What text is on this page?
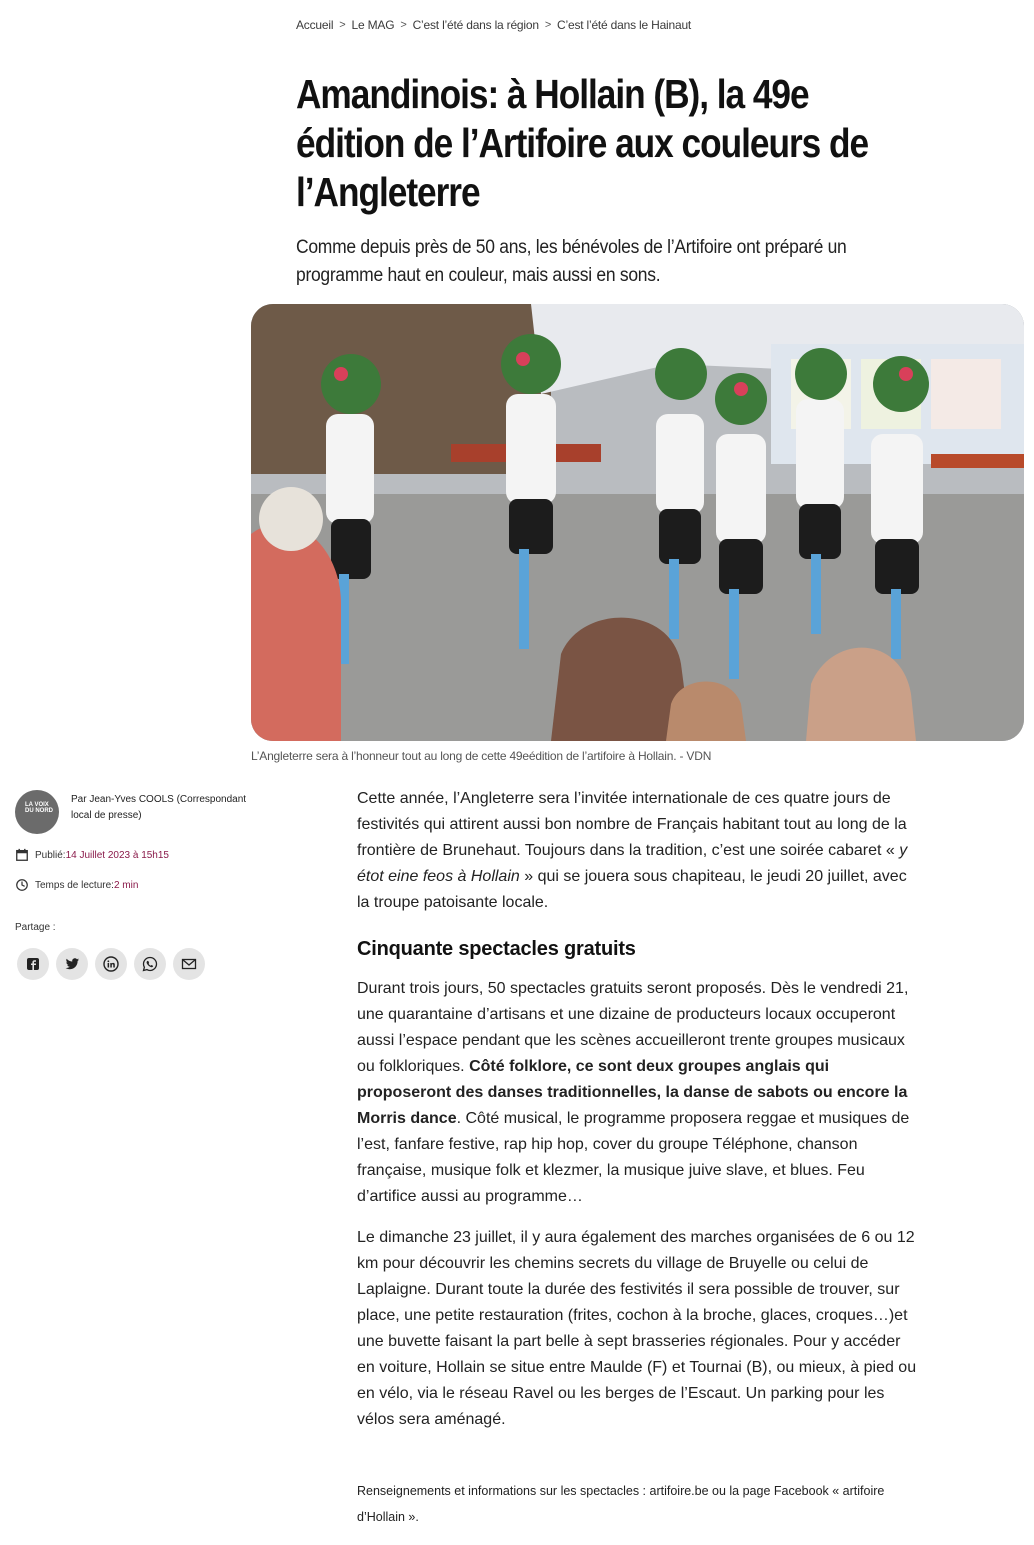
Accueil > Le MAG > C’est l’été dans la région > C’est l’été dans le Hainaut
Amandinois: à Hollain (B), la 49e édition de l’Artifoire aux couleurs de l’Angleterre

Comme depuis près de 50 ans, les bénévoles de l’Artifoire ont préparé un programme haut en couleur, mais aussi en sons.

L’Angleterre sera à l’honneur tout au long de cette 49eédition de l’artifoire à Hollain. - VDN
LA VOIX DU NORD
Par Jean-Yves COOLS (Correspondant local de presse)
Publié:14 Juillet 2023 à 15h15
Temps de lecture:2 min
Partage :

Cette année, l’Angleterre sera l’invitée internationale de ces quatre jours de festivités qui attirent aussi bon nombre de Français habitant tout au long de la frontière de Brunehaut. Toujours dans la tradition, c’est une soirée cabaret « y étot eine feos à Hollain » qui se jouera sous chapiteau, le jeudi 20 juillet, avec la troupe patoisante locale.

Cinquante spectacles gratuits

Durant trois jours, 50 spectacles gratuits seront proposés. Dès le vendredi 21, une quarantaine d’artisans et une dizaine de producteurs locaux occuperont aussi l’espace pendant que les scènes accueilleront trente groupes musicaux ou folkloriques. Côté folklore, ce sont deux groupes anglais qui proposeront des danses traditionnelles, la danse de sabots ou encore la Morris dance. Côté musical, le programme proposera reggae et musiques de l’est, fanfare festive, rap hip hop, cover du groupe Téléphone, chanson française, musique folk et klezmer, la musique juive slave, et blues. Feu d’artifice aussi au programme…

Le dimanche 23 juillet, il y aura également des marches organisées de 6 ou 12 km pour découvrir les chemins secrets du village de Bruyelle ou celui de Laplaigne. Durant toute la durée des festivités il sera possible de trouver, sur place, une petite restauration (frites, cochon à la broche, glaces, croques…)et une buvette faisant la part belle à sept brasseries régionales. Pour y accéder en voiture, Hollain se situe entre Maulde (F) et Tournai (B), ou mieux, à pied ou en vélo, via le réseau Ravel ou les berges de l’Escaut. Un parking pour les vélos sera aménagé.

Renseignements et informations sur les spectacles : artifoire.be ou la page Facebook « artifoire d’Hollain ».
